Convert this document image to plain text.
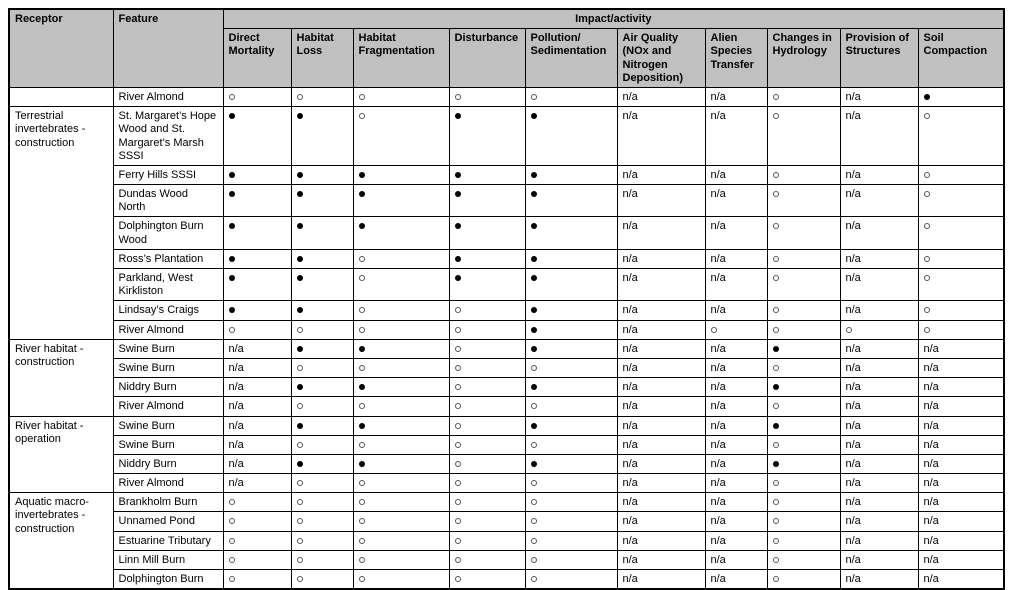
Receptor	Feature	Impact/activity									
		Direct Mortality	Habitat Loss	Habitat Fragmentation	Disturbance	Pollution/ Sedimentation	Air Quality (NOx and Nitrogen Deposition)	Alien Species Transfer	Changes in Hydrology	Provision of Structures	Soil Compaction
	River Almond						n/a	n/a		n/a	
Terrestrial invertebrates - construction	St. Margaret’s Hope Wood and St. Margaret’s Marsh SSSI						n/a	n/a		n/a	
	Ferry Hills SSSI						n/a	n/a		n/a	
	Dundas Wood North						n/a	n/a		n/a	
	Dolphington Burn Wood						n/a	n/a		n/a	
	Ross’s Plantation						n/a	n/a		n/a	
	Parkland, West Kirkliston						n/a	n/a		n/a	
	Lindsay’s Craigs						n/a	n/a		n/a	
	River Almond						n/a				
River habitat - construction	Swine Burn	n/a					n/a	n/a		n/a	n/a
	Swine Burn	n/a					n/a	n/a		n/a	n/a
	Niddry Burn	n/a					n/a	n/a		n/a	n/a
	River Almond	n/a					n/a	n/a		n/a	n/a
River habitat - operation	Swine Burn	n/a					n/a	n/a		n/a	n/a
	Swine Burn	n/a					n/a	n/a		n/a	n/a
	Niddry Burn	n/a					n/a	n/a		n/a	n/a
	River Almond	n/a					n/a	n/a		n/a	n/a
Aquatic macro-invertebrates - construction	Brankholm Burn						n/a	n/a		n/a	n/a
	Unnamed Pond						n/a	n/a		n/a	n/a
	Estuarine Tributary						n/a	n/a		n/a	n/a
	Linn Mill Burn						n/a	n/a		n/a	n/a
	Dolphington Burn						n/a	n/a		n/a	n/a
